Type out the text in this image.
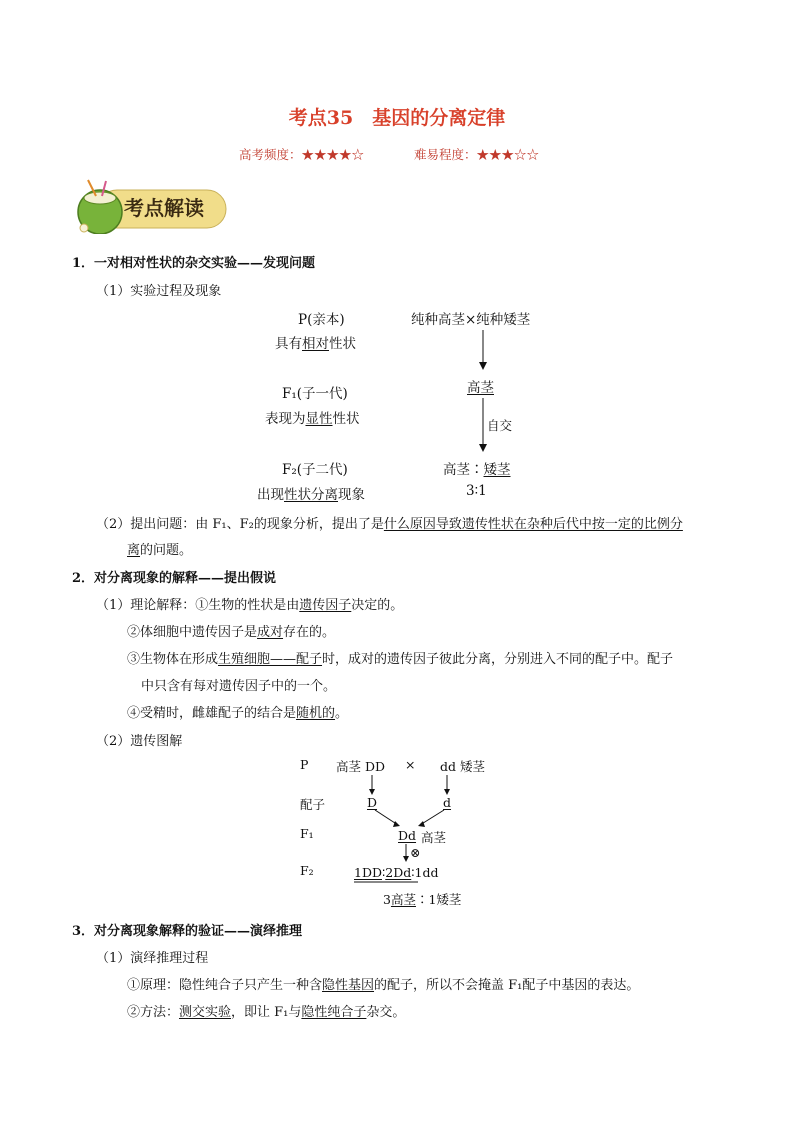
考点35　基因的分离定律
高考频度：★★★★☆	难易程度：★★★☆☆
考点解读
1．一对相对性状的杂交实验——发现问题
（1）实验过程及现象
P(亲本)
具有相对性状
纯种高茎×纯种矮茎
F₁(子一代)
表现为显性性状
高茎
自交
F₂(子二代)
出现性状分离现象
高茎∶矮茎
3∶1
（2）提出问题：由 F₁、F₂的现象分析，提出了是什么原因导致遗传性状在杂种后代中按一定的比例分
离的问题。
2．对分离现象的解释——提出假说
（1）理论解释：①生物的性状是由遗传因子决定的。
②体细胞中遗传因子是成对存在的。
③生物体在形成生殖细胞——配子时，成对的遗传因子彼此分离，分别进入不同的配子中。配子
中只含有每对遗传因子中的一个。
④受精时，雌雄配子的结合是随机的。
（2）遗传图解
P 高茎 DD × dd 矮茎
配子	D	d
F₁	Dd 高茎
⊗
F₂	1DD∶2Dd∶1dd
3高茎∶1矮茎
3．对分离现象解释的验证——演绎推理
（1）演绎推理过程
①原理：隐性纯合子只产生一种含隐性基因的配子，所以不会掩盖 F₁配子中基因的表达。
②方法：测交实验，即让 F₁与隐性纯合子杂交。
